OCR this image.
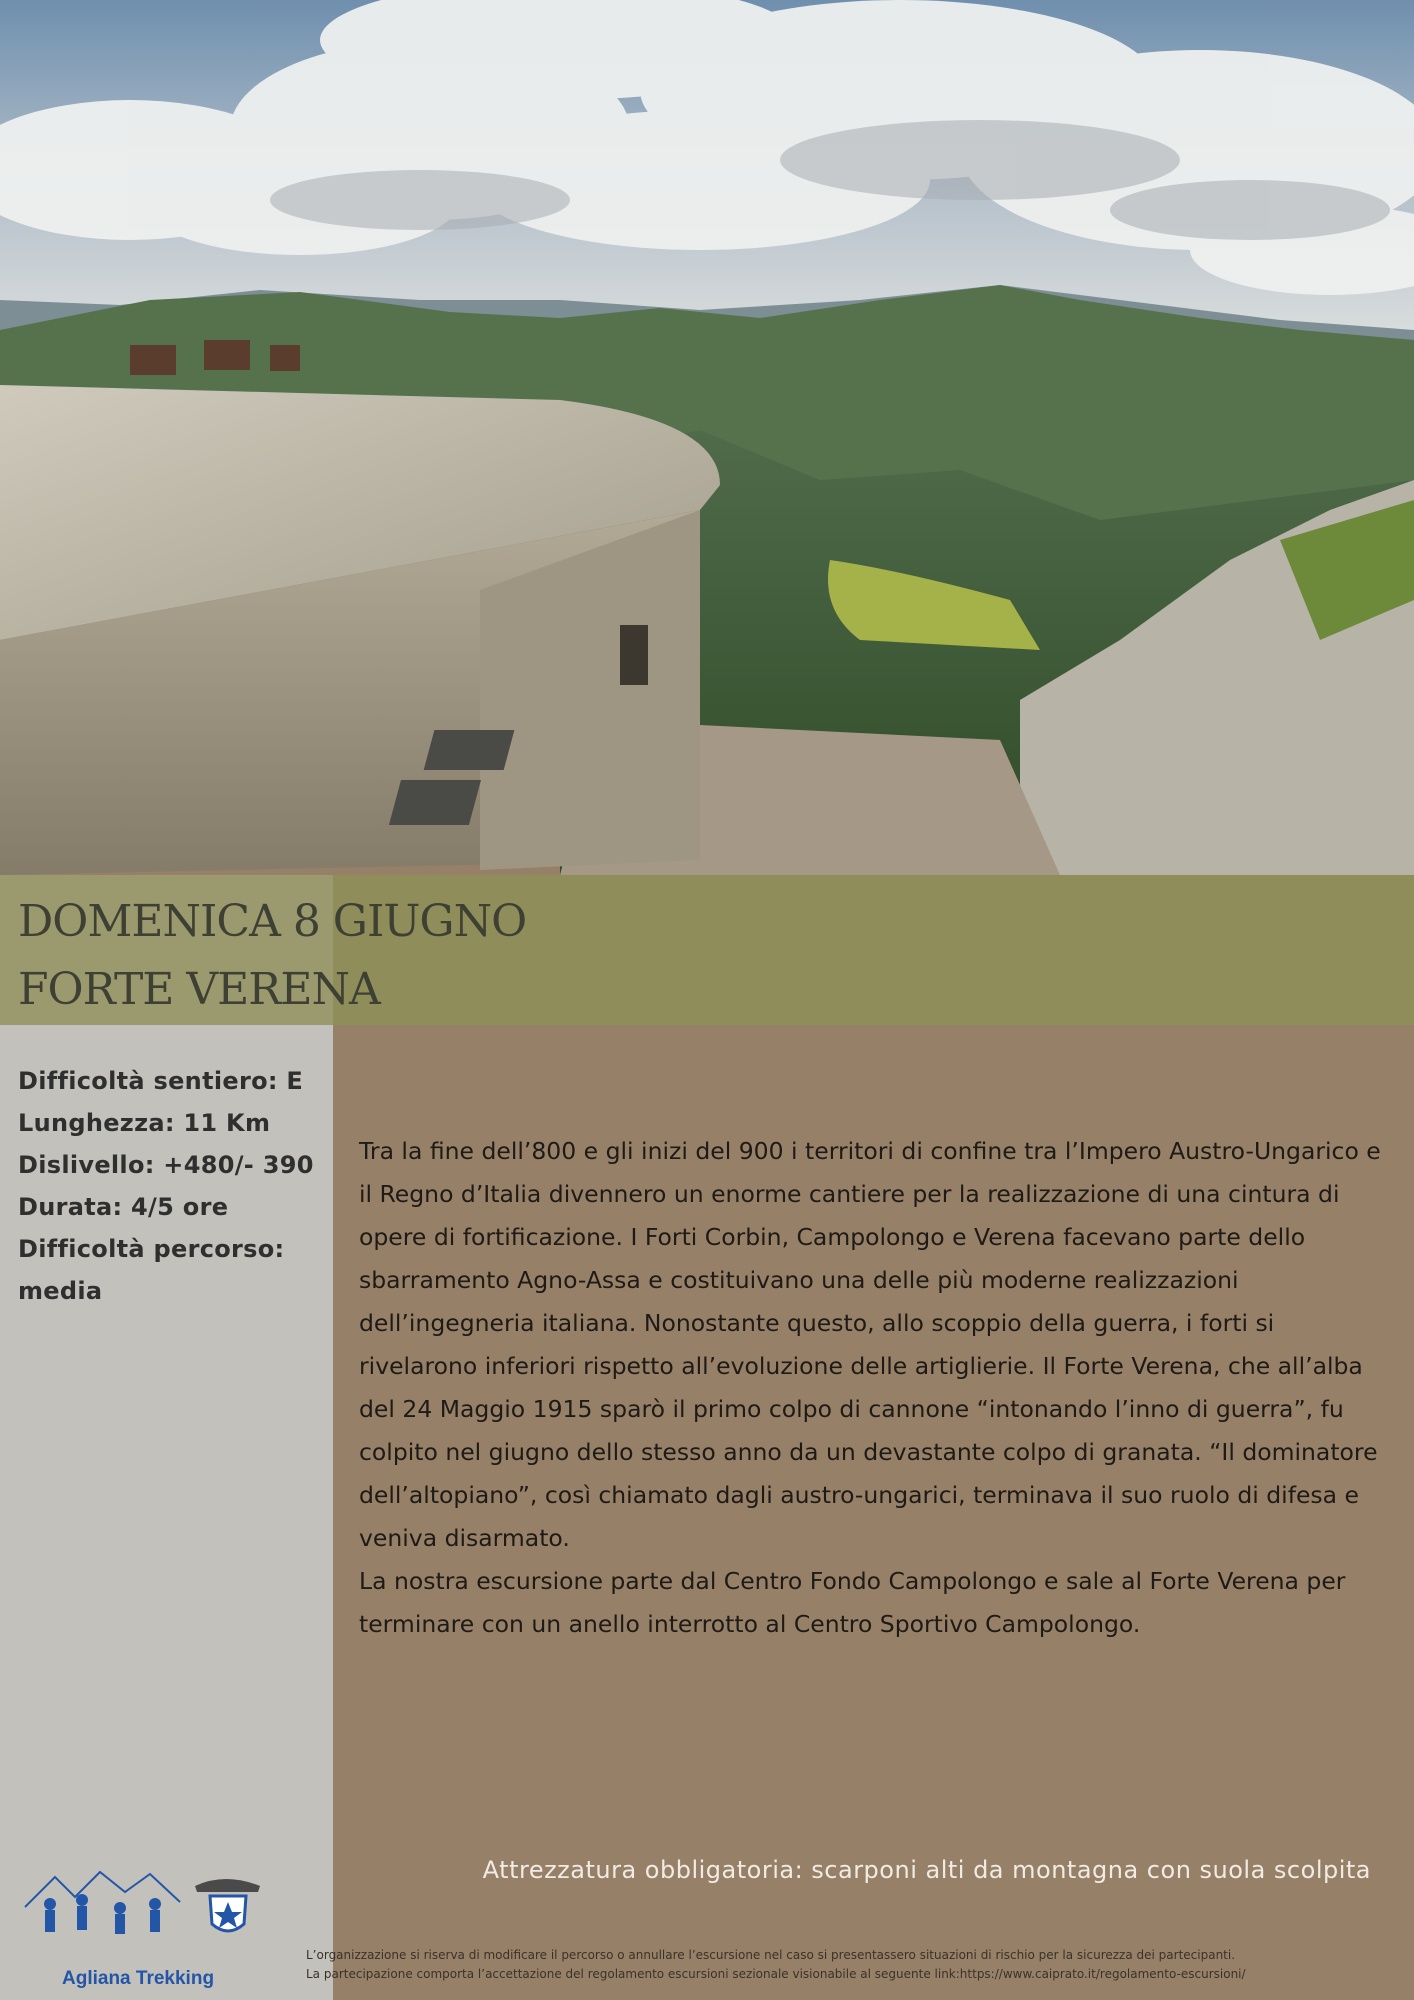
DOMENICA 8 GIUGNO
FORTE VERENA
Difficoltà sentiero: E
Lunghezza: 11 Km
Dislivello: +480/- 390
Durata: 4/5 ore
Difficoltà percorso: media

Tra la fine dell’800 e gli inizi del 900 i territori di confine tra l’Impero Austro-Ungarico e il Regno d’Italia divennero un enorme cantiere per la realizzazione di una cintura di opere di fortificazione. I Forti Corbin, Campolongo e Verena facevano parte dello sbarramento Agno-Assa e costituivano una delle più moderne realizzazioni dell’ingegneria italiana. Nonostante questo, allo scoppio della guerra, i forti si rivelarono inferiori rispetto all’evoluzione delle artiglierie. Il Forte Verena, che all’alba del 24 Maggio 1915 sparò il primo colpo di cannone “intonando l’inno di guerra”, fu colpito nel giugno dello stesso anno da un devastante colpo di granata. “Il dominatore dell’altopiano”, così chiamato dagli austro-ungarici, terminava il suo ruolo di difesa e veniva disarmato.

La nostra escursione parte dal Centro Fondo Campolongo e sale al Forte Verena per terminare con un anello interrotto al Centro Sportivo Campolongo.

Attrezzatura obbligatoria: scarponi alti da montagna con suola scolpita
L’organizzazione si riserva di modificare il percorso o annullare l’escursione nel caso si presentassero situazioni di rischio per la sicurezza dei partecipanti.
La partecipazione comporta l’accettazione del regolamento escursioni sezionale visionabile al seguente link:https://www.caiprato.it/regolamento-escursioni/
Agliana Trekking
